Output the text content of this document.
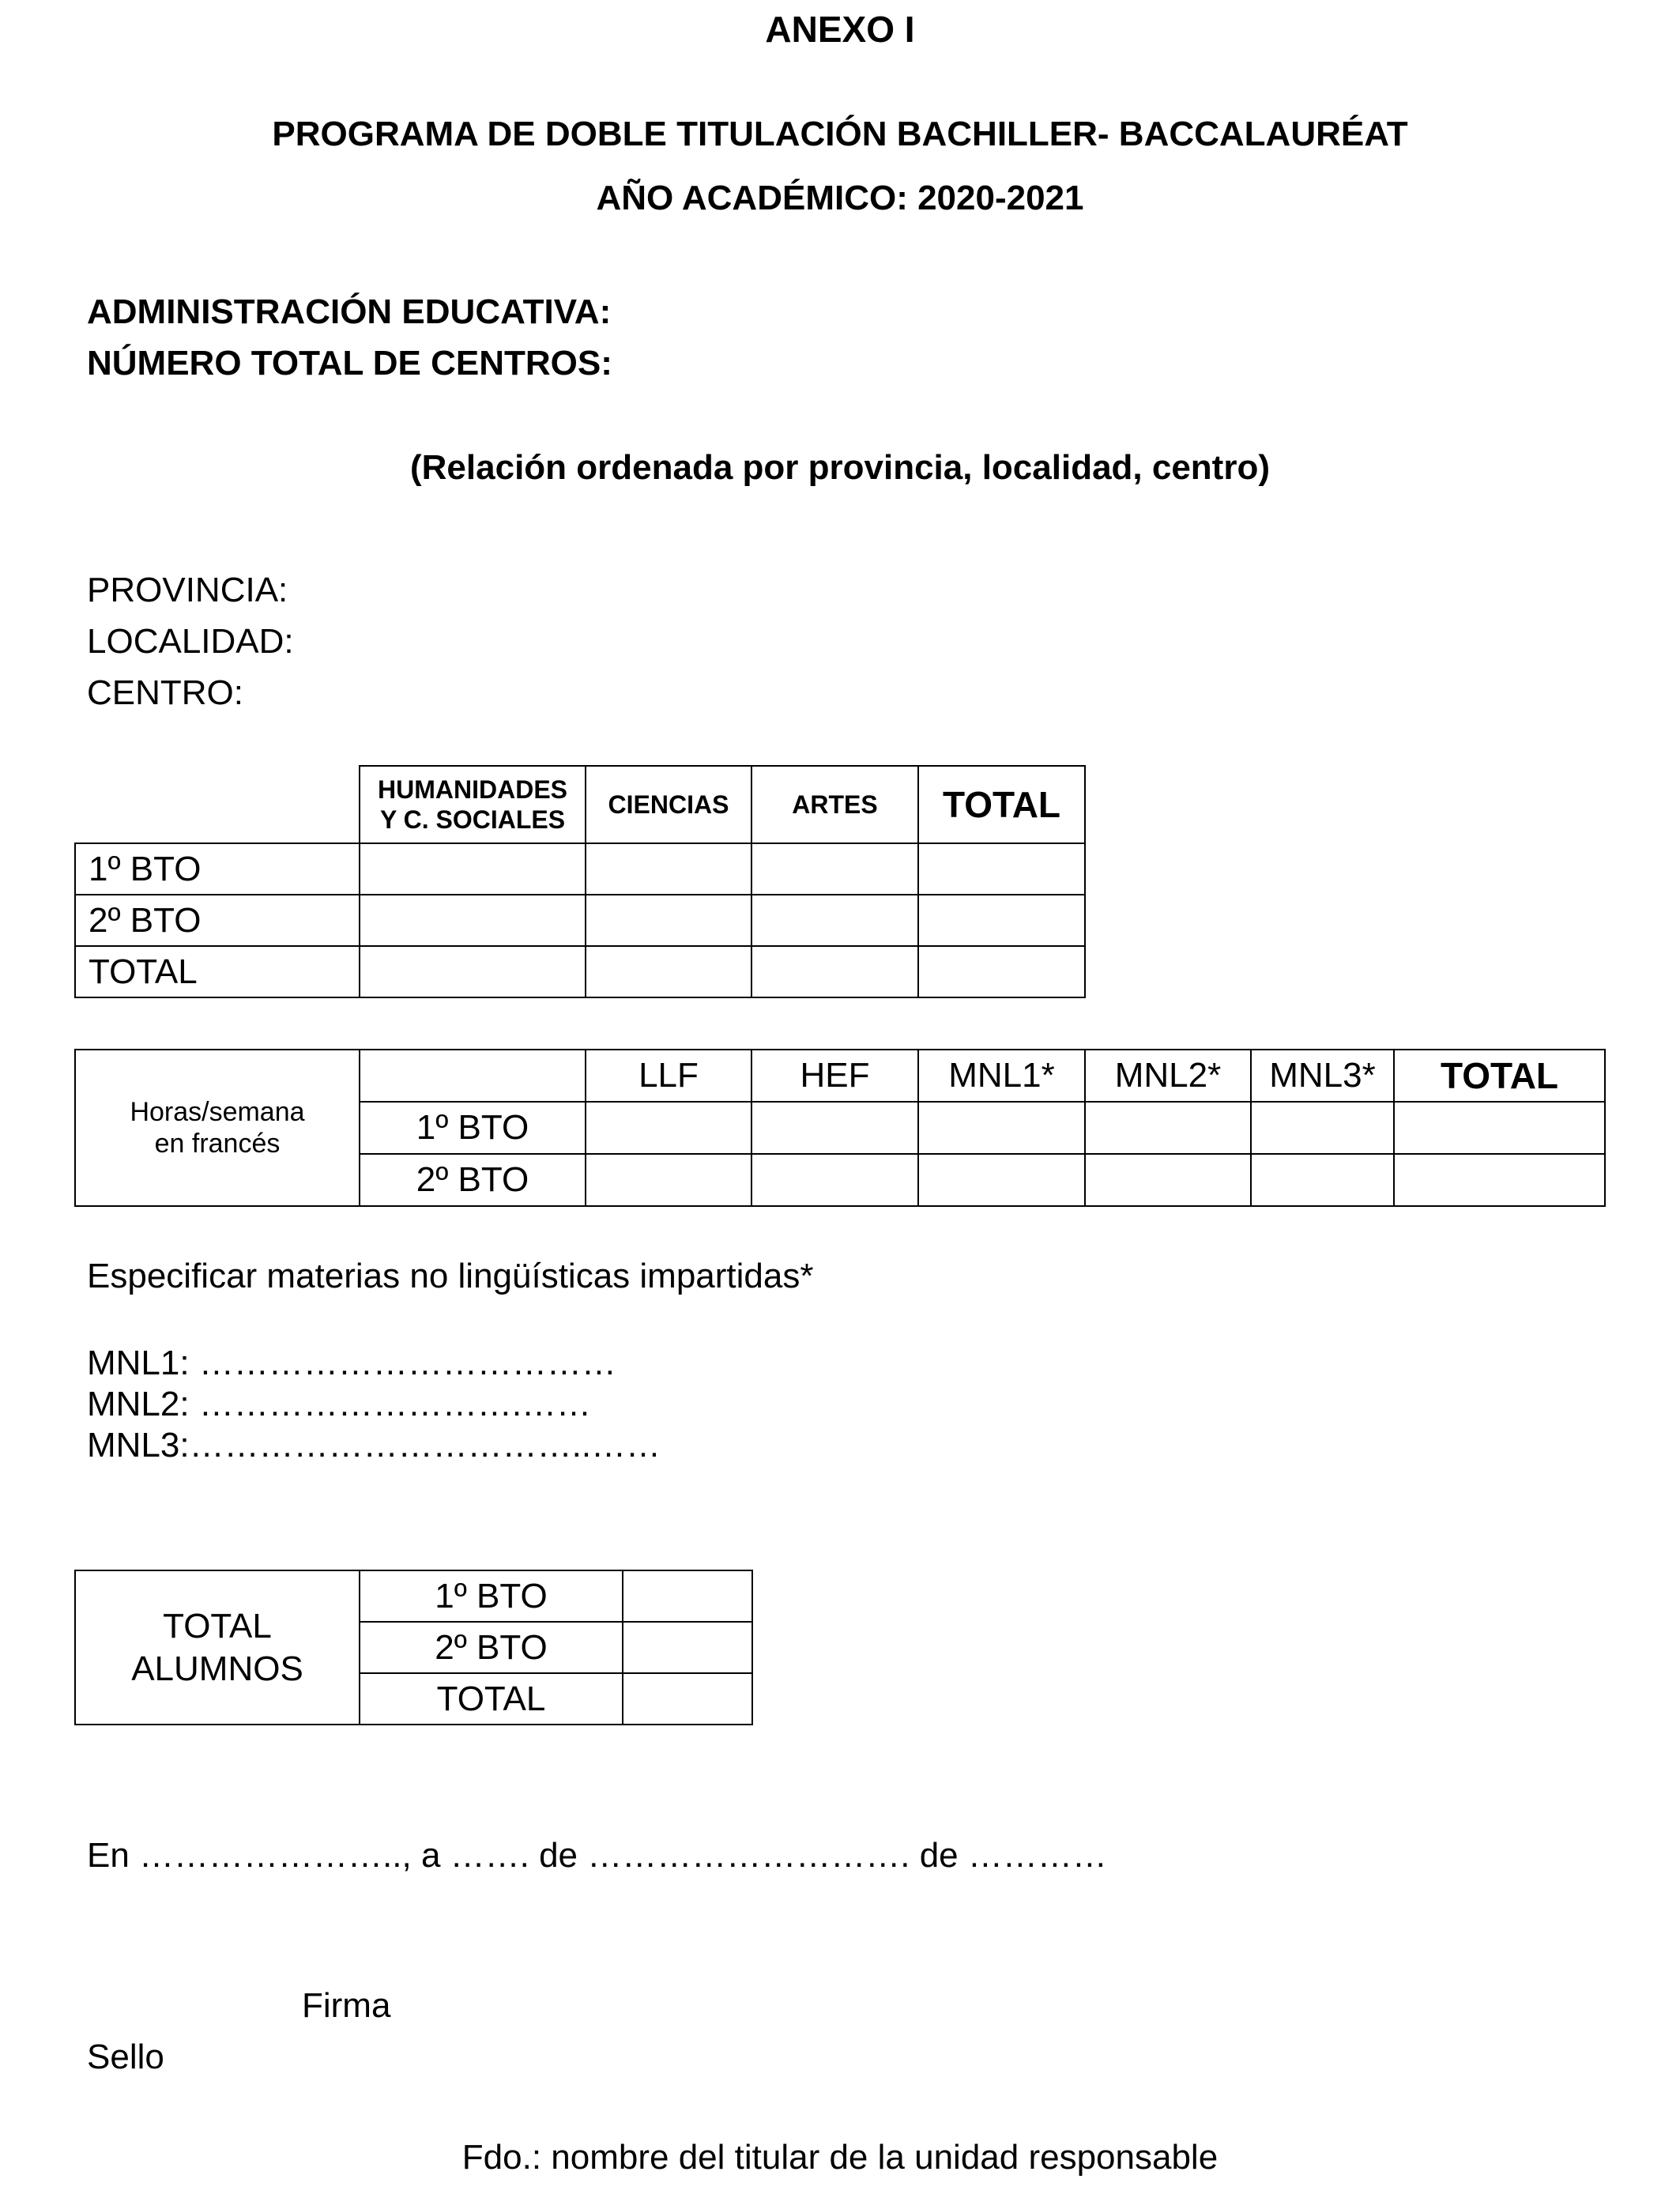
ANEXO I
PROGRAMA DE DOBLE TITULACIÓN BACHILLER- BACCALAURÉAT
AÑO ACADÉMICO: 2020-2021
ADMINISTRACIÓN EDUCATIVA:
NÚMERO TOTAL DE CENTROS:
(Relación ordenada por provincia, localidad, centro)
PROVINCIA:
LOCALIDAD:
CENTRO:
	HUMANIDADES
Y C. SOCIALES	CIENCIAS	ARTES	TOTAL
1º BTO				
2º BTO				
TOTAL				
Horas/semana
en francés		LLF	HEF	MNL1*	MNL2*	MNL3*	TOTAL
	1º BTO						
	2º BTO						
Especificar materias no lingüísticas impartidas*
MNL1: ………………………………
MNL2: ……………………….……
MNL3:……………………………..……
TOTAL
ALUMNOS	1º BTO	
	2º BTO	
	TOTAL	
En ………………….., a ……. de ………………………. de …………
Firma
Sello
Fdo.: nombre del titular de la unidad responsable
